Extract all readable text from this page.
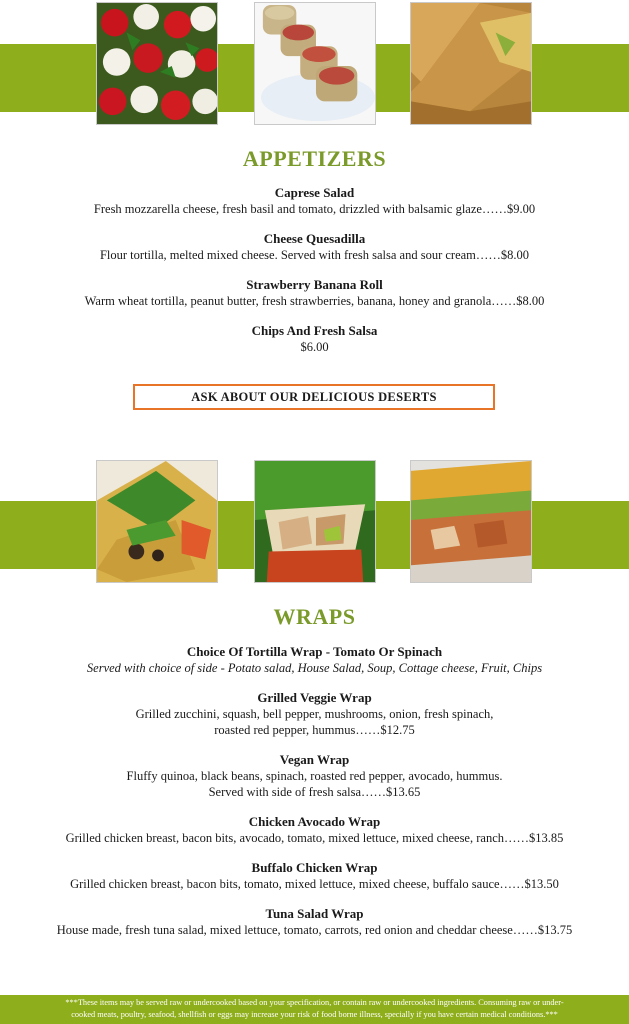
APPETIZERS
Caprese Salad
Fresh mozzarella cheese, fresh basil and tomato, drizzled with balsamic glaze……$9.00
Cheese Quesadilla
Flour tortilla, melted mixed cheese. Served with fresh salsa and sour cream……$8.00
Strawberry Banana Roll
Warm wheat tortilla, peanut butter, fresh strawberries, banana, honey and granola……$8.00
Chips And Fresh Salsa
$6.00
ASK ABOUT OUR DELICIOUS DESERTS
WRAPS
Choice Of Tortilla Wrap - Tomato Or Spinach
Served with choice of side - Potato salad, House Salad, Soup, Cottage cheese, Fruit, Chips
Grilled Veggie Wrap
Grilled zucchini, squash, bell pepper, mushrooms, onion, fresh spinach,
roasted red pepper, hummus……$12.75
Vegan Wrap
Fluffy quinoa, black beans, spinach, roasted red pepper, avocado, hummus.
Served with side of fresh salsa……$13.65
Chicken Avocado Wrap
Grilled chicken breast, bacon bits, avocado, tomato, mixed lettuce, mixed cheese, ranch……$13.85
Buffalo Chicken Wrap
Grilled chicken breast, bacon bits, tomato, mixed lettuce, mixed cheese, buffalo sauce……$13.50
Tuna Salad Wrap
House made, fresh tuna salad, mixed lettuce, tomato, carrots, red onion and cheddar cheese……$13.75
***These items may be served raw or undercooked based on your specification, or contain raw or undercooked ingredients. Consuming raw or under-
cooked meats, poultry, seafood, shellfish or eggs may increase your risk of food borne illness, specially if you have certain medical conditions.***
